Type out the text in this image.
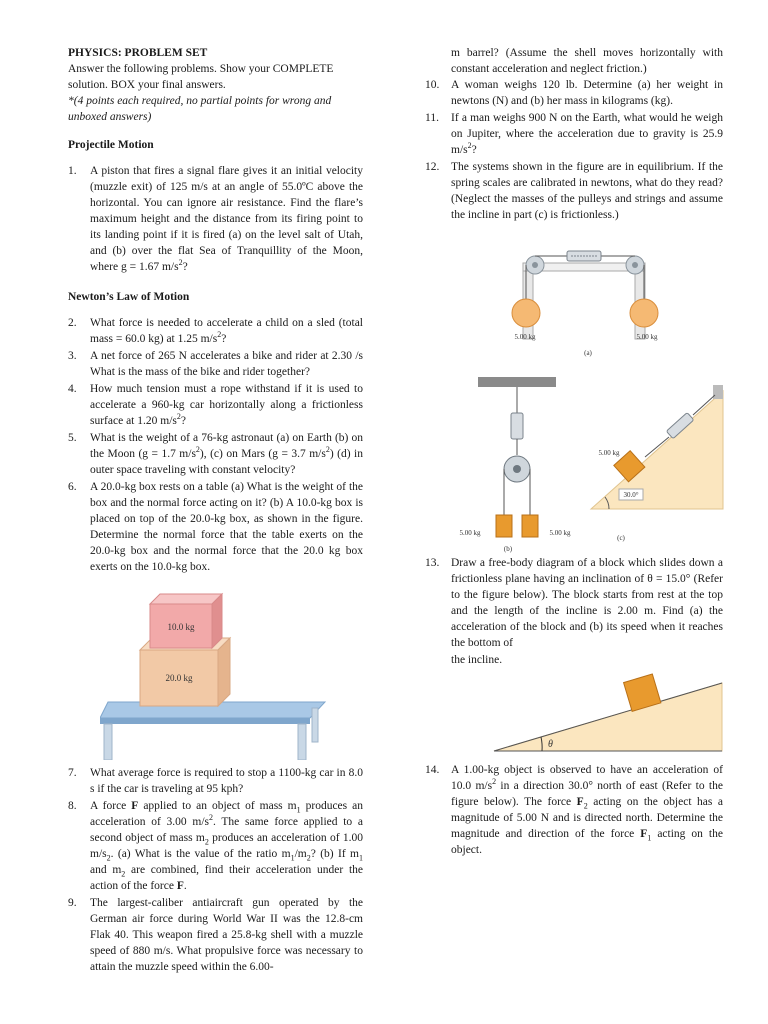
PHYSICS: PROBLEM SET

Answer the following problems. Show your COMPLETE solution. BOX your final answers.

*(4 points each required, no partial points for wrong and unboxed answers)

Projectile Motion

1. A piston that fires a signal flare gives it an initial velocity (muzzle exit) of 125 m/s at an angle of 55.0ºC above the horizontal. You can ignore air resistance. Find the flare’s maximum height and the distance from its firing point to its landing point if it is fired (a) on the level salt of Utah, and (b) over the flat Sea of Tranquillity of the Moon, where g = 1.67 $m/s^2$?

Newton’s Law of Motion

2. What force is needed to accelerate a child on a sled (total mass = 60.0 kg) at 1.25 $m/s^2$?
3. A net force of 265 N accelerates a bike and rider at 2.30 /s What is the mass of the bike and rider together?
4. How much tension must a rope withstand if it is used to accelerate a 960-kg car horizontally along a frictionless surface at 1.20 $m/s^2$?
5. What is the weight of a 76-kg astronaut (a) on Earth (b) on the Moon (g = 1.7 $m/s^2$), (c) on Mars (g = 3.7 $m/s^2$) (d) in outer space traveling with constant velocity?
6. A 20.0-kg box rests on a table (a) What is the weight of the box and the normal force acting on it? (b) A 10.0-kg box is placed on top of the 20.0-kg box, as shown in the figure. Determine the normal force that the table exerts on the 20.0-kg box and the normal force that the 20.0 kg box exerts on the 10.0-kg box.
20.0 kg
10.0 kg
7. What average force is required to stop a 1100-kg car in 8.0 s if the car is traveling at 95 kph?
8. A force F applied to an object of mass $m_1$ produces an acceleration of 3.00 $m/s^2$. The same force applied to a second object of mass $m_2$ produces an acceleration of 1.00 $m/s_2$. (a) What is the value of the ratio $m_1/m_2$? (b) If $m_1$ and $m_2$ are combined, find their acceleration under the action of the force F.
9. The largest-caliber antiaircraft gun operated by the German air force during World War II was the 12.8-cm Flak 40. This weapon fired a 25.8-kg shell with a muzzle speed of 880 m/s. What propulsive force was necessary to attain the muzzle speed within the 6.00-

m barrel? (Assume the shell moves horizontally with constant acceleration and neglect friction.)

10. A woman weighs 120 lb. Determine (a) her weight in newtons (N) and (b) her mass in kilograms (kg).
11. If a man weighs 900 N on the Earth, what would he weigh on Jupiter, where the acceleration due to gravity is 25.9 $m/s^2$?
12. The systems shown in the figure are in equilibrium. If the spring scales are calibrated in newtons, what do they read? (Neglect the masses of the pulleys and strings and assume the incline in part (c) is frictionless.)
5.00 kg	5.00 kg
(a)
5.00 kg	5.00 kg
(b)
30.0°
5.00 kg
(c)
13. Draw a free-body diagram of a block which slides down a frictionless plane having an inclination of θ = 15.0° (Refer to the figure below). The block starts from rest at the top and the length of the incline is 2.00 m. Find (a) the acceleration of the block and (b) its speed when it reaches the bottom of

the incline.

θ
14. A 1.00-kg object is observed to have an acceleration of 10.0 $m/s^2$ in a direction 30.0° north of east (Refer to the figure below). The force $F_2$ acting on the object has a magnitude of 5.00 N and is directed north. Determine the magnitude and direction of the force $F_1$ acting on the object.
